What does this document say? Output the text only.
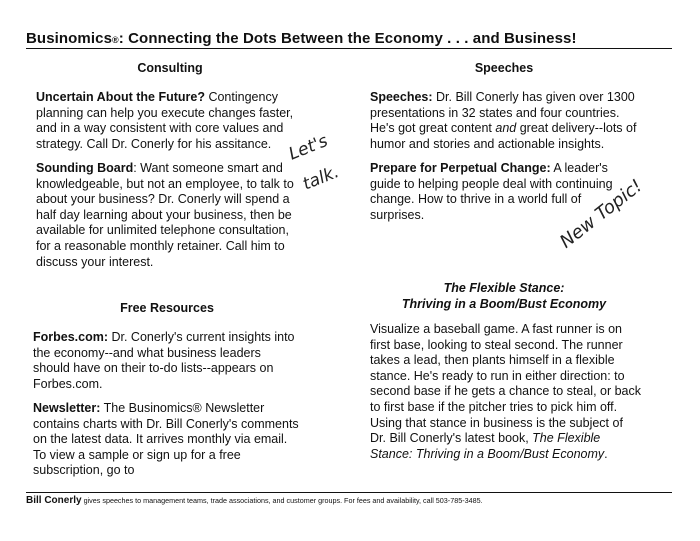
Businomics®: Connecting the Dots Between the Economy . . . and Business!
Consulting
Uncertain About the Future? Contingency planning can help you execute changes faster, and in a way consistent with core values and strategy. Call Dr. Conerly for his assitance.
Sounding Board: Want someone smart and knowledgeable, but not an employee, to talk to about your business? Dr. Conerly will spend a half day learning about your business, then be available for unlimited telephone consultation, for a reasonable monthly retainer. Call him to discuss your interest.
Let's
talk.
Speeches
Speeches: Dr. Bill Conerly has given over 1300 presentations in 32 states and four countries. He's got great content and great delivery--lots of humor and stories and actionable insights.
Prepare for Perpetual Change: A leader's guide to helping people deal with continuing change. How to thrive in a world full of surprises.	New Topic!
Free Resources
Forbes.com: Dr. Conerly's current insights into the economy--and what business leaders should have on their to-do lists--appears on Forbes.com.
Newsletter: The Businomics® Newsletter contains charts with Dr. Bill Conerly's comments on the latest data. It arrives monthly via email. To view a sample or sign up for a free subscription, go to
The Flexible Stance:
Thriving in a Boom/Bust Economy
Visualize a baseball game. A fast runner is on first base, looking to steal second. The runner takes a lead, then plants himself in a flexible stance. He's ready to run in either direction: to second base if he gets a chance to steal, or back to first base if the pitcher tries to pick him off. Using that stance in business is the subject of Dr. Bill Conerly's latest book, The Flexible Stance: Thriving in a Boom/Bust Economy.
Bill Conerly gives speeches to management teams, trade associations, and customer groups. For fees and availability, call 503-785-3485.
